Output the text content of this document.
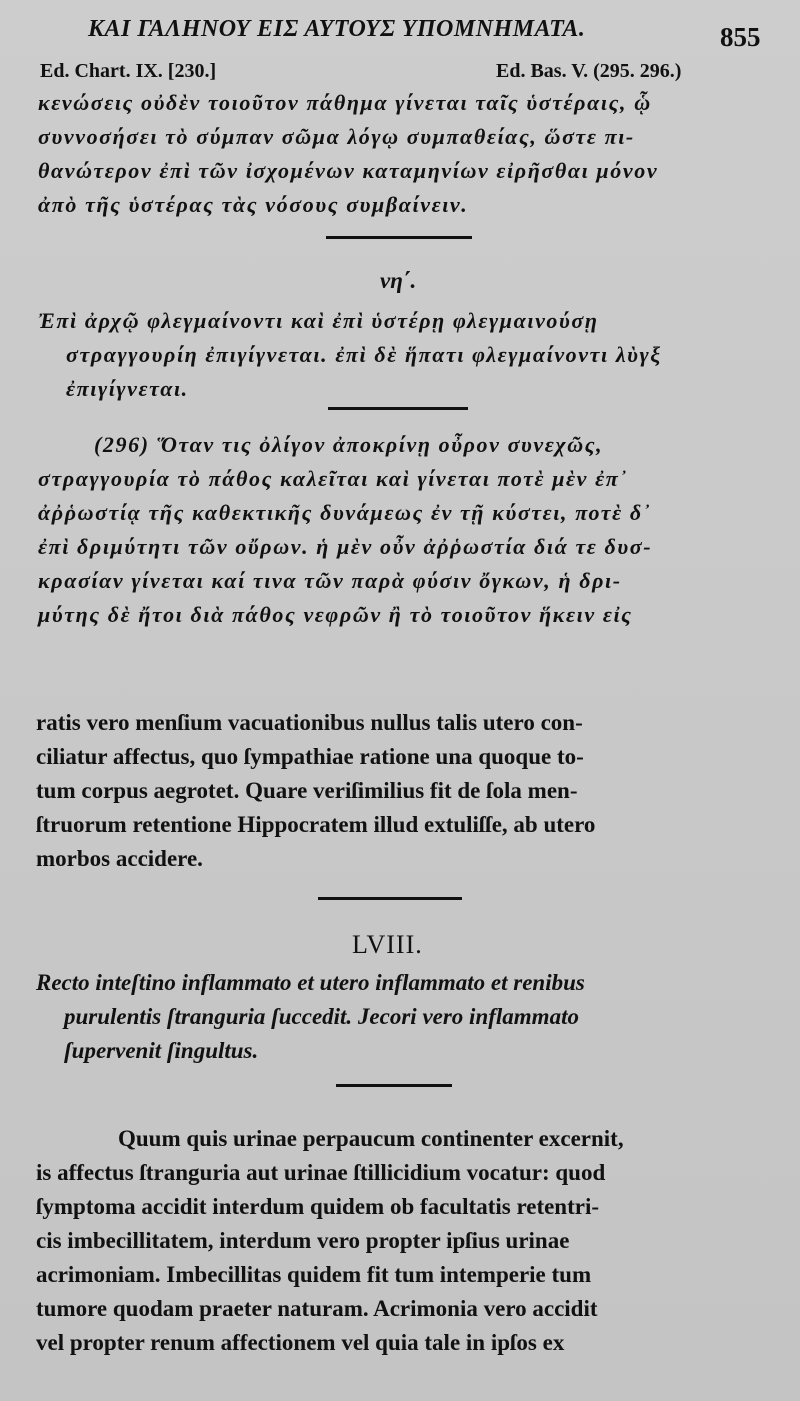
ΚΑΙ ΓΑΛΗΝΟΥ ΕΙΣ ΑΥΤΟΥΣ ΥΠΟΜΝΗΜΑΤΑ.	855
Ed. Chart. IX. [230.]	Ed. Bas. V. (295. 296.)
κενώσεις οὐδὲν τοιοῦτον πάθημα γίνεται ταῖς ὑστέραις, ᾧ
συννοσήσει τὸ σύμπαν σῶμα λόγῳ συμπαθείας, ὥστε πι-
θανώτερον ἐπὶ τῶν ἰσχομένων καταμηνίων εἰρῆσθαι μόνον
ἀπὸ τῆς ὑστέρας τὰς νόσους συμβαίνειν.
νη΄.
Ἐπὶ ἀρχῷ φλεγμαίνοντι καὶ ἐπὶ ὑστέρῃ φλεγμαινούσῃ
στραγγουρίη ἐπιγίγνεται. ἐπὶ δὲ ἥπατι φλεγμαίνοντι λὺγξ
ἐπιγίγνεται.
(296) Ὅταν τις ὀλίγον ἀποκρίνῃ οὖρον συνεχῶς,
στραγγουρία τὸ πάθος καλεῖται καὶ γίνεται ποτὲ μὲν ἐπ᾽
ἀῤῥωστίᾳ τῆς καθεκτικῆς δυνάμεως ἐν τῇ κύστει, ποτὲ δ᾽
ἐπὶ δριμύτητι τῶν οὔρων. ἡ μὲν οὖν ἀῤῥωστία διά τε δυσ-
κρασίαν γίνεται καί τινα τῶν παρὰ φύσιν ὄγκων, ἡ δρι-
μύτης δὲ ἤτοι διὰ πάθος νεφρῶν ἢ τὸ τοιοῦτον ἥκειν εἰς
ratis vero menſium vacuationibus nullus talis utero con-
ciliatur affectus, quo ſympathiae ratione una quoque to-
tum corpus aegrotet. Quare veriſimilius fit de ſola men-
ſtruorum retentione Hippocratem illud extuliſſe, ab utero
morbos accidere.
LVIII.
Recto inteſtino inflammato et utero inflammato et renibus
purulentis ſtranguria ſuccedit. Jecori vero inflammato
ſupervenit ſingultus.
Quum quis urinae perpaucum continenter excernit,
is affectus ſtranguria aut urinae ſtillicidium vocatur: quod
ſymptoma accidit interdum quidem ob facultatis retentri-
cis imbecillitatem, interdum vero propter ipſius urinae
acrimoniam. Imbecillitas quidem fit tum intemperie tum
tumore quodam praeter naturam. Acrimonia vero accidit
vel propter renum affectionem vel quia tale in ipſos ex
